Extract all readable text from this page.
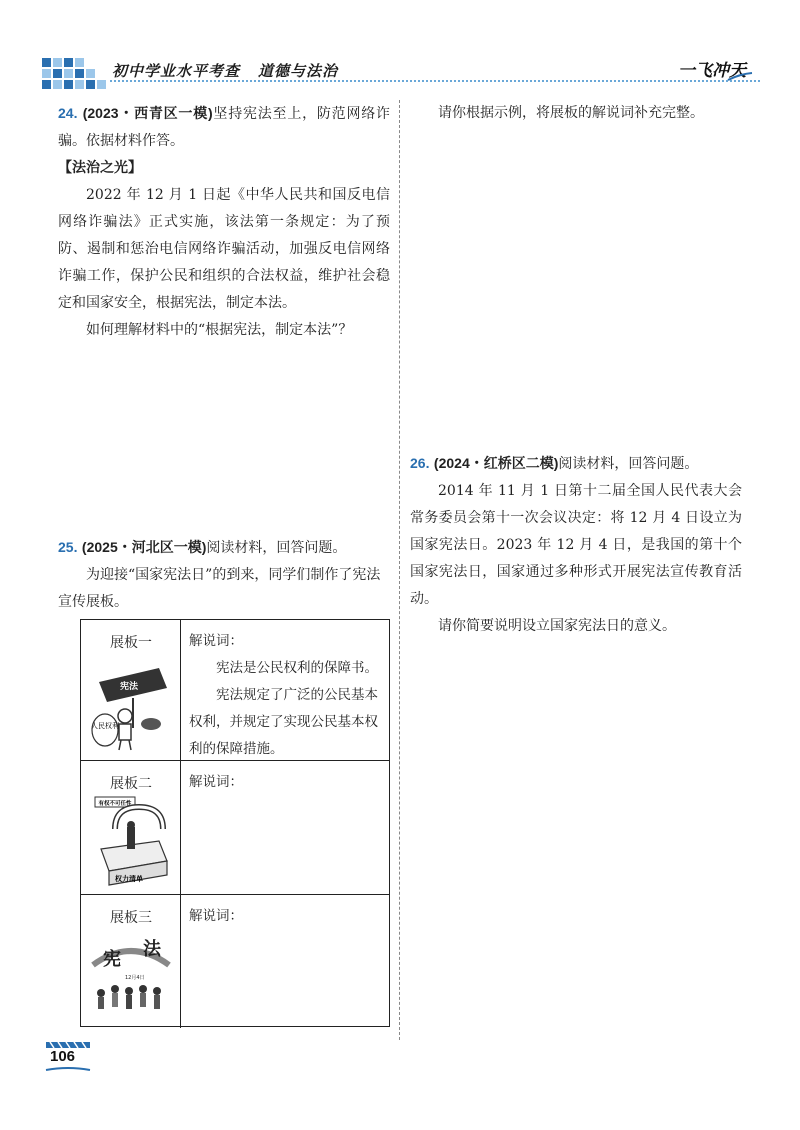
初中学业水平考查 道德与法治	一飞冲天

24. (2023・西青区一模)坚持宪法至上，防范网络诈骗。依据材料作答。

【法治之光】

2022 年 12 月 1 日起《中华人民共和国反电信网络诈骗法》正式实施，该法第一条规定：为了预防、遏制和惩治电信网络诈骗活动，加强反电信网络诈骗工作，保护公民和组织的合法权益，维护社会稳定和国家安全，根据宪法，制定本法。

如何理解材料中的“根据宪法，制定本法”？

请你根据示例，将展板的解说词补充完整。

25. (2025・河北区一模)阅读材料，回答问题。

为迎接“国家宪法日”的到来，同学们制作了宪法宣传展板。

展板一
宪法
人民权利

解说词：

宪法是公民权利的保障书。

宪法规定了广泛的公民基本权利，并规定了实现公民基本权利的保障措施。

展板二
有权不可任性
权力清单

解说词：

展板三
宪 法
12月4日

解说词：

26. (2024・红桥区二模)阅读材料，回答问题。

2014 年 11 月 1 日第十二届全国人民代表大会常务委员会第十一次会议决定：将 12 月 4 日设立为国家宪法日。2023 年 12 月 4 日，是我国的第十个国家宪法日，国家通过多种形式开展宪法宣传教育活动。

请你简要说明设立国家宪法日的意义。

106
